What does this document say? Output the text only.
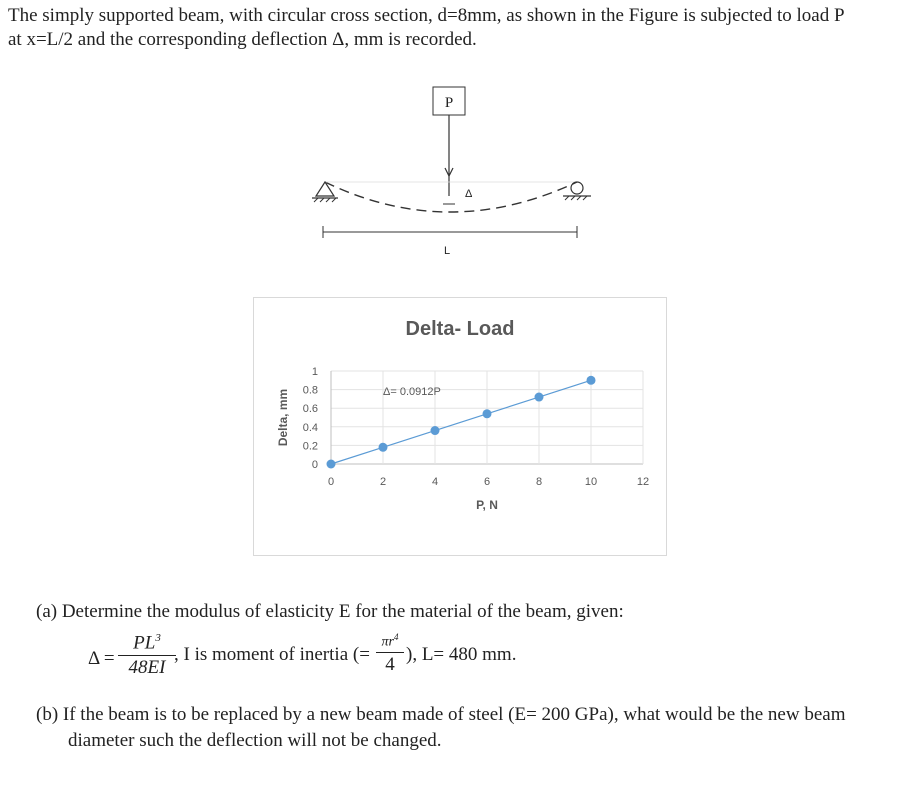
The simply supported beam, with circular cross section, d=8mm, as shown in the Figure is subjected to load P
at x=L/2 and the corresponding deflection Δ, mm is recorded.
P
Δ
L
0
0.2
0.4
0.6
0.8
1
0	2	4	6	8	10	12
Delta- Load
P, N
Delta, mm	Δ= 0.0912P
(a) Determine the modulus of elasticity E for the material of the beam, given:
Δ =
$PL^3$
48EI
, I is moment of inertia (=
$\pi r^4$
4 ), L= 480 mm.
(b) If the beam is to be replaced by a new beam made of steel (E= 200 GPa), what would be the new beam
diameter such the deflection will not be changed.
